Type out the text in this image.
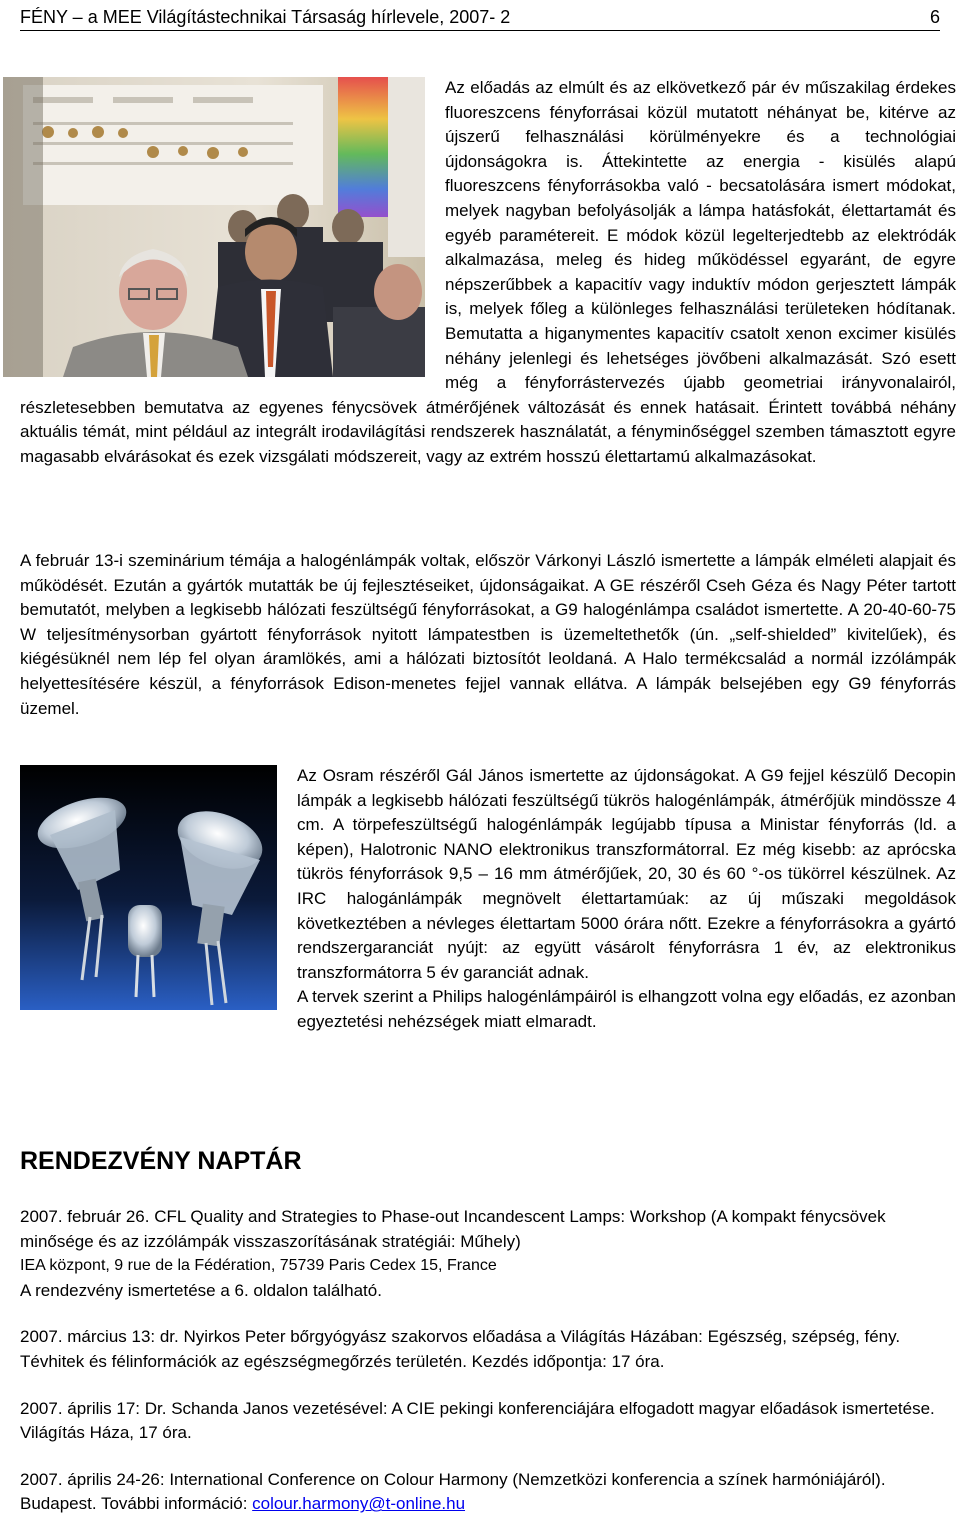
FÉNY – a MEE Világítástechnikai Társaság hírlevele, 2007- 2	6

Az előadás az elmúlt és az elkövetkező pár év műszakilag érdekes fluoreszcens fényforrásai közül mutatott néhányat be, kitérve az újszerű felhasználási körülményekre és a technológiai újdonságokra is. Áttekintette az energia - kisülés alapú fluoreszcens fényforrásokba való - becsatolására ismert módokat, melyek nagyban befolyásolják a lámpa hatásfokát, élettartamát és egyéb paramétereit. E módok közül legelterjedtebb az elektródák alkalmazása, meleg és hideg működéssel egyaránt, de egyre népszerűbbek a kapacitív vagy induktív módon gerjesztett lámpák is, melyek főleg a különleges felhasználási területeken hódítanak. Bemutatta a higanymentes kapacitív csatolt xenon excimer kisülés néhány jelenlegi és lehetséges jövőbeni alkalmazását. Szó esett még a fényforrástervezés újabb geometriai irányvonalairól, részletesebben bemutatva az egyenes fénycsövek átmérőjének változását és ennek hatásait. Érintett továbbá néhány aktuális témát, mint például az integrált irodavilágítási rendszerek használatát, a fényminőséggel szemben támasztott egyre magasabb elvárásokat és ezek vizsgálati módszereit, vagy az extrém hosszú élettartamú alkalmazásokat.

A február 13-i szeminárium témája a halogénlámpák voltak, először Várkonyi László ismertette a lámpák elméleti alapjait és működését. Ezután a gyártók mutatták be új fejlesztéseiket, újdonságaikat. A GE részéről Cseh Géza és Nagy Péter tartott bemutatót, melyben a legkisebb hálózati feszültségű fényforrásokat, a G9 halogénlámpa családot ismertette. A 20-40-60-75 W teljesítménysorban gyártott fényforrások nyitott lámpatestben is üzemeltethetők (ún. „self-shielded” kivitelűek), és kiégésüknél nem lép fel olyan áramlökés, ami a hálózati biztosítót leoldaná. A Halo termékcsalád a normál izzólámpák helyettesítésére készül, a fényforrások Edison-menetes fejjel vannak ellátva. A lámpák belsejében egy G9 fényforrás üzemel.

Az Osram részéről Gál János ismertette az újdonságokat. A G9 fejjel készülő Decopin lámpák a legkisebb hálózati feszültségű tükrös halogénlámpák, átmérőjük mindössze 4 cm. A törpefeszültségű halogénlámpák legújabb típusa a Ministar fényforrás (ld. a képen), Halotronic NANO elektronikus transzformátorral. Ez még kisebb: az aprócska tükrös fényforrások 9,5 – 16 mm átmérőjűek, 20, 30 és 60 °-os tükörrel készülnek. Az IRC halogánlámpák megnövelt élettartamúak: az új műszaki megoldások következtében a névleges élettartam 5000 órára nőtt. Ezekre a fényforrásokra a gyártó rendszergaranciát nyújt: az együtt vásárolt fényforrásra 1 év, az elektronikus transzformátorra 5 év garanciát adnak.

A tervek szerint a Philips halogénlámpáiról is elhangzott volna egy előadás, ez azonban egyeztetési nehézségek miatt elmaradt.

RENDEZVÉNY NAPTÁR
2007. február 26. CFL Quality and Strategies to Phase-out Incandescent Lamps: Workshop (A kompakt fénycsövek minősége és az izzólámpák visszaszorításának stratégiái: Műhely)
IEA központ, 9 rue de la Fédération, 75739 Paris Cedex 15, France
A rendezvény ismertetése a 6. oldalon található.
2007. március 13: dr. Nyirkos Peter bőrgyógyász szakorvos előadása a Világítás Házában: Egészség, szépség, fény. Tévhitek és félinformációk az egészségmegőrzés területén. Kezdés időpontja: 17 óra.
2007. április 17: Dr. Schanda Janos vezetésével: A CIE pekingi konferenciájára elfogadott magyar előadások ismertetése. Világítás Háza, 17 óra.
2007. április 24-26: International Conference on Colour Harmony (Nemzetközi konferencia a színek harmóniájáról). Budapest. További információ: colour.harmony@t-online.hu
